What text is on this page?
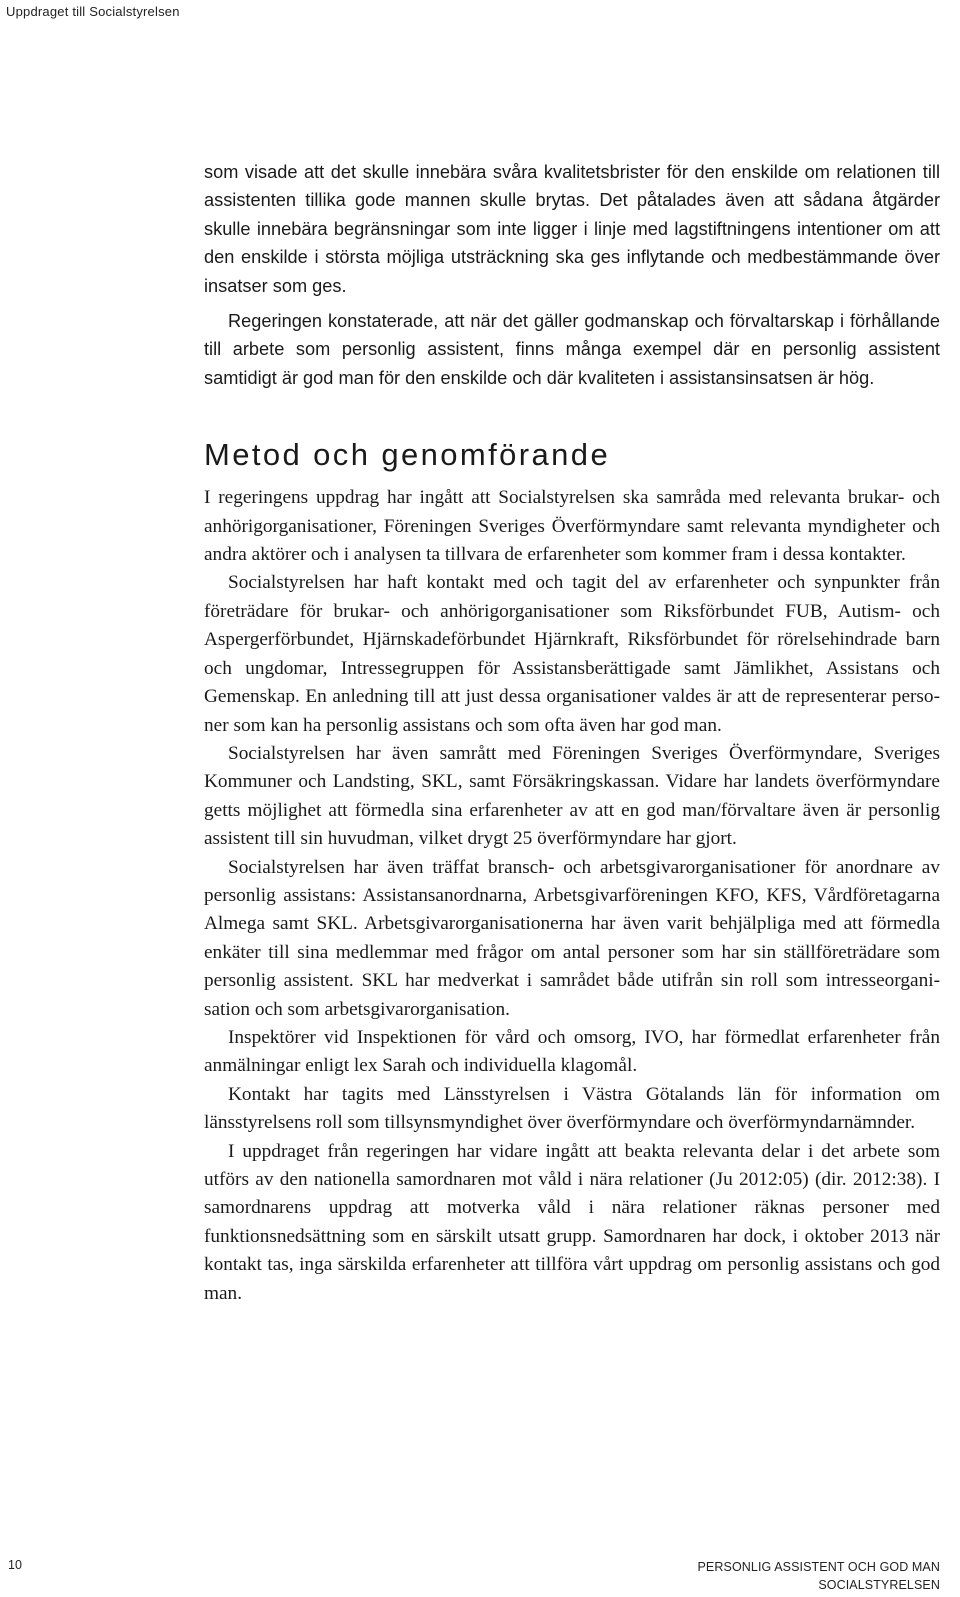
Uppdraget till Socialstyrelsen

som visade att det skulle innebära svåra kvalitetsbrister för den enskilde om relationen till assistenten tillika gode mannen skulle brytas. Det påtalades även att sådana åtgärder skulle innebära begränsningar som inte ligger i linje med lagstiftningens intentioner om att den enskilde i största möjliga utsträckning ska ges inflytande och medbestämmande över insatser som ges.

Regeringen konstaterade, att när det gäller godmanskap och förvaltarskap i förhållande till arbete som personlig assistent, finns många exempel där en personlig assistent samtidigt är god man för den enskilde och där kvaliteten i assistansinsatsen är hög.

Metod och genomförande

I regeringens uppdrag har ingått att Socialstyrelsen ska samråda med relevanta brukar- och anhörigorganisationer, Föreningen Sveriges Överförmyndare samt relevanta myndigheter och andra aktörer och i analysen ta tillvara de erfarenheter som kommer fram i dessa kontakter.

Socialstyrelsen har haft kontakt med och tagit del av erfarenheter och synpunkter från företrädare för brukar- och anhörigorganisationer som Riksförbundet FUB, Autism- och Aspergerförbundet, Hjärnskadeförbundet Hjärnkraft, Riksförbundet för rörelsehindrade barn och ungdomar, Intressegruppen för Assistansberättigade samt Jämlikhet, Assistans och Gemenskap. En anledning till att just dessa organisationer valdes är att de representerar personer som kan ha personlig assistans och som ofta även har god man.

Socialstyrelsen har även samrått med Föreningen Sveriges Överförmyndare, Sveriges Kommuner och Landsting, SKL, samt Försäkringskassan. Vidare har landets överförmyndare getts möjlighet att förmedla sina erfarenheter av att en god man/förvaltare även är personlig assistent till sin huvudman, vilket drygt 25 överförmyndare har gjort.

Socialstyrelsen har även träffat bransch- och arbetsgivarorganisationer för anordnare av personlig assistans: Assistansanordnarna, Arbetsgivarföreningen KFO, KFS, Vårdföretagarna Almega samt SKL. Arbetsgivarorganisationerna har även varit behjälpliga med att förmedla enkäter till sina medlemmar med frågor om antal personer som har sin ställföreträdare som personlig assistent. SKL har medverkat i samrådet både utifrån sin roll som intresseorganisation och som arbetsgivarorganisation.

Inspektörer vid Inspektionen för vård och omsorg, IVO, har förmedlat erfarenheter från anmälningar enligt lex Sarah och individuella klagomål.

Kontakt har tagits med Länsstyrelsen i Västra Götalands län för information om länsstyrelsens roll som tillsynsmyndighet över överförmyndare och överförmyndarnämnder.

I uppdraget från regeringen har vidare ingått att beakta relevanta delar i det arbete som utförs av den nationella samordnaren mot våld i nära relationer (Ju 2012:05) (dir. 2012:38). I samordnarens uppdrag att motverka våld i nära relationer räknas personer med funktionsnedsättning som en särskilt utsatt grupp. Samordnaren har dock, i oktober 2013 när kontakt tas, inga särskilda erfarenheter att tillföra vårt uppdrag om personlig assistans och god man.

10	PERSONLIG ASSISTENT OCH GOD MAN
SOCIALSTYRELSEN
